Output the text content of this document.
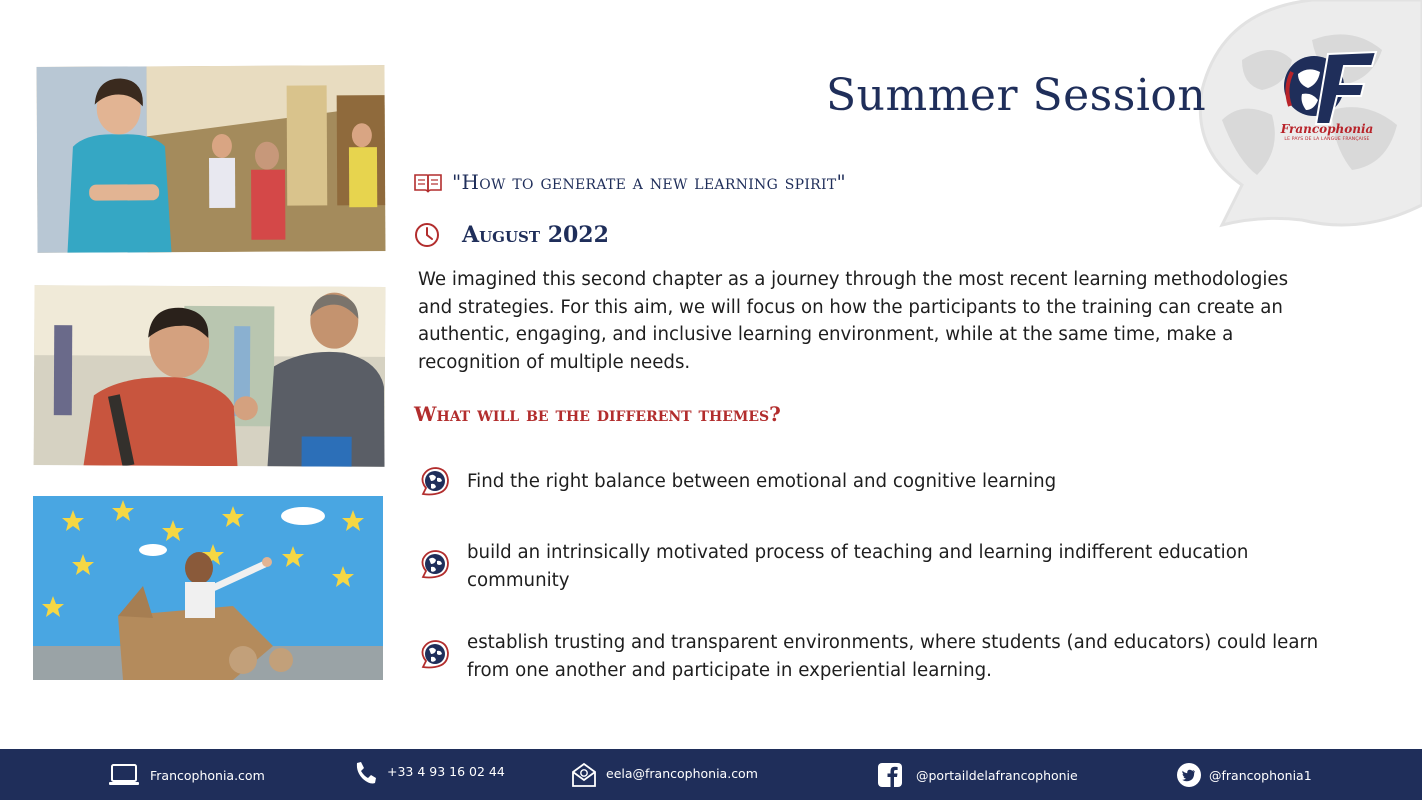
Francophonia
LE PAYS DE LA LANGUE FRANÇAISE
Summer Session
"How to generate a new learning spirit"
August 2022
We imagined this second chapter as a journey through the most recent learning methodologies and strategies. For this aim, we will focus on how the participants to the training can create an authentic, engaging, and inclusive learning environment, while at the same time, make a recognition of multiple needs.
What will be the different themes?
Find the right balance between emotional and cognitive learning
build an intrinsically motivated process of teaching and learning indifferent education community
establish trusting and transparent environments, where students (and educators) could learn from one another and participate in experiential learning.
Francophonia.com	+33 4 93 16 02 44	eela@francophonia.com	@portaildelafrancophonie	@francophonia1
